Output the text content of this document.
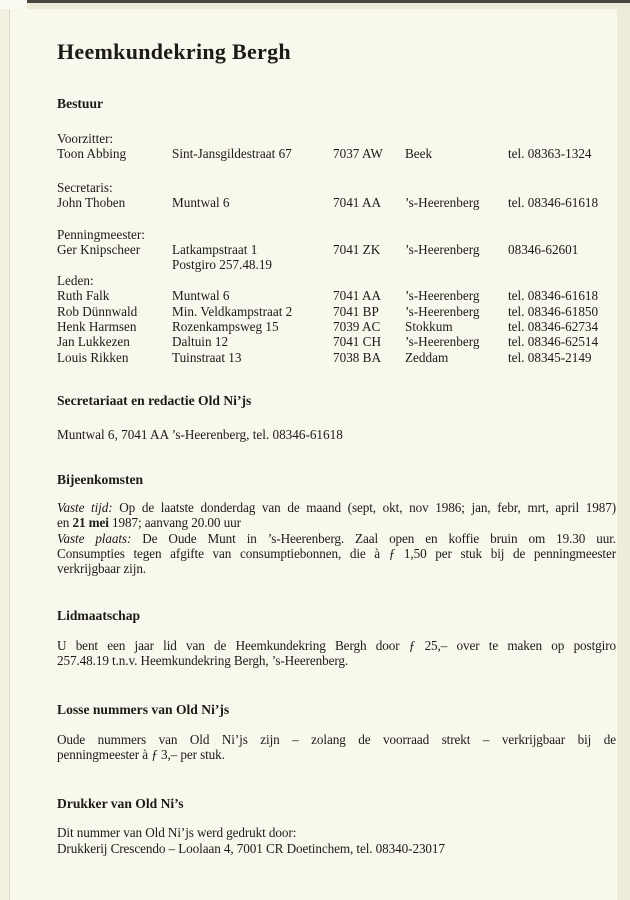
Heemkundekring Bergh
Bestuur
Voorzitter:
Toon Abbing	Sint-Jansgildestraat 67	7037 AW	Beek	tel. 08363-1324
Secretaris:
John Thoben	Muntwal 6	7041 AA	’s-Heerenberg	tel. 08346-61618
Penningmeester:
Ger Knipscheer	Latkampstraat 1	7041 ZK	’s-Heerenberg	08346-62601
Postgiro 257.48.19
Leden:
Ruth Falk	Muntwal 6	7041 AA	’s-Heerenberg	tel. 08346-61618
Rob Dünnwald	Min. Veldkampstraat 2	7041 BP	’s-Heerenberg	tel. 08346-61850
Henk Harmsen	Rozenkampsweg 15	7039 AC	Stokkum	tel. 08346-62734
Jan Lukkezen	Daltuin 12	7041 CH	’s-Heerenberg	tel. 08346-62514
Louis Rikken	Tuinstraat 13	7038 BA	Zeddam	tel. 08345-2149
Secretariaat en redactie Old Ni’js
Muntwal 6, 7041 AA ’s-Heerenberg, tel. 08346-61618
Bijeenkomsten
Vaste tijd: Op de laatste donderdag van de maand (sept, okt, nov 1986; jan, febr, mrt, april 1987)
en 21 mei 1987; aanvang 20.00 uur
Vaste plaats: De Oude Munt in ’s-Heerenberg. Zaal open en koffie bruin om 19.30 uur.
Consumpties tegen afgifte van consumptiebonnen, die à ƒ 1,50 per stuk bij de penningmeester
verkrijgbaar zijn.
Lidmaatschap
U bent een jaar lid van de Heemkundekring Bergh door ƒ 25,– over te maken op postgiro
257.48.19 t.n.v. Heemkundekring Bergh, ’s-Heerenberg.
Losse nummers van Old Ni’js
Oude nummers van Old Ni’js zijn – zolang de voorraad strekt – verkrijgbaar bij de
penningmeester à ƒ 3,– per stuk.
Drukker van Old Ni’s
Dit nummer van Old Ni’js werd gedrukt door:
Drukkerij Crescendo – Loolaan 4, 7001 CR Doetinchem, tel. 08340-23017
